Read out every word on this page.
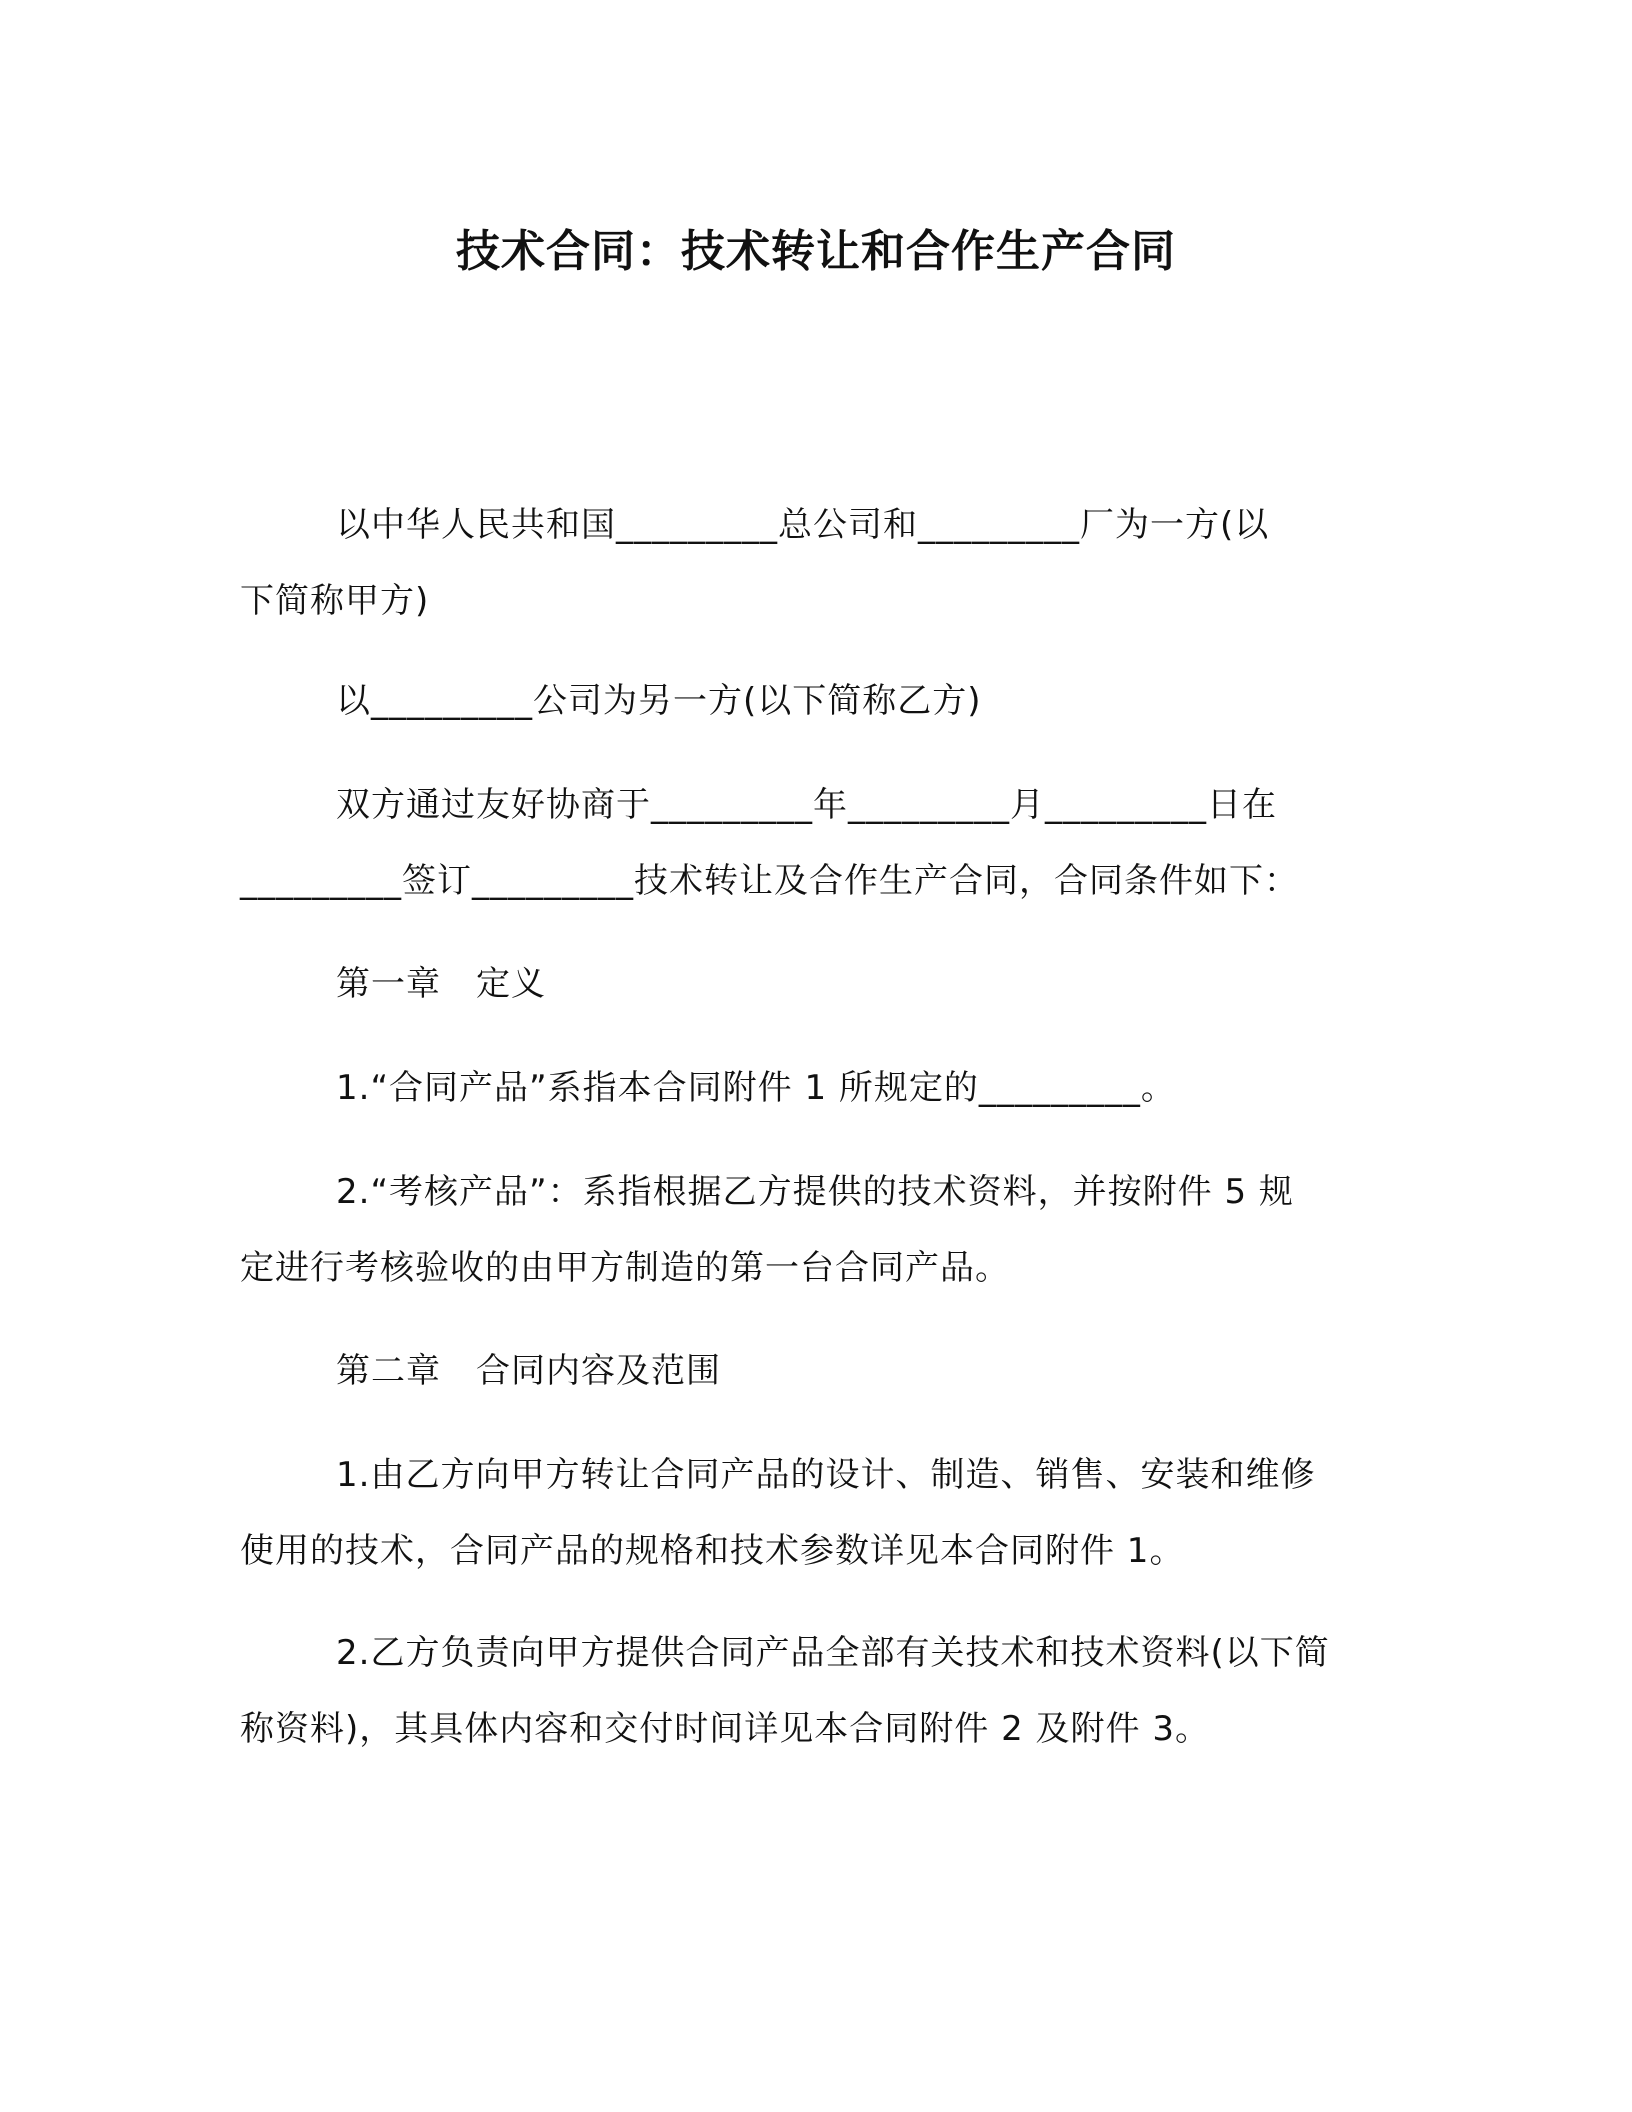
技术合同：技术转让和合作生产合同
以中华人民共和国_________总公司和_________厂为一方(以
下简称甲方)
以_________公司为另一方(以下简称乙方)
双方通过友好协商于_________年_________月_________日在
_________签订_________技术转让及合作生产合同，合同条件如下：
第一章　定义
1.“合同产品”系指本合同附件 1 所规定的_________。
2.“考核产品”：系指根据乙方提供的技术资料，并按附件 5 规
定进行考核验收的由甲方制造的第一台合同产品。
第二章　合同内容及范围
1.由乙方向甲方转让合同产品的设计、制造、销售、安装和维修
使用的技术，合同产品的规格和技术参数详见本合同附件 1。
2.乙方负责向甲方提供合同产品全部有关技术和技术资料(以下简
称资料)，其具体内容和交付时间详见本合同附件 2 及附件 3。
